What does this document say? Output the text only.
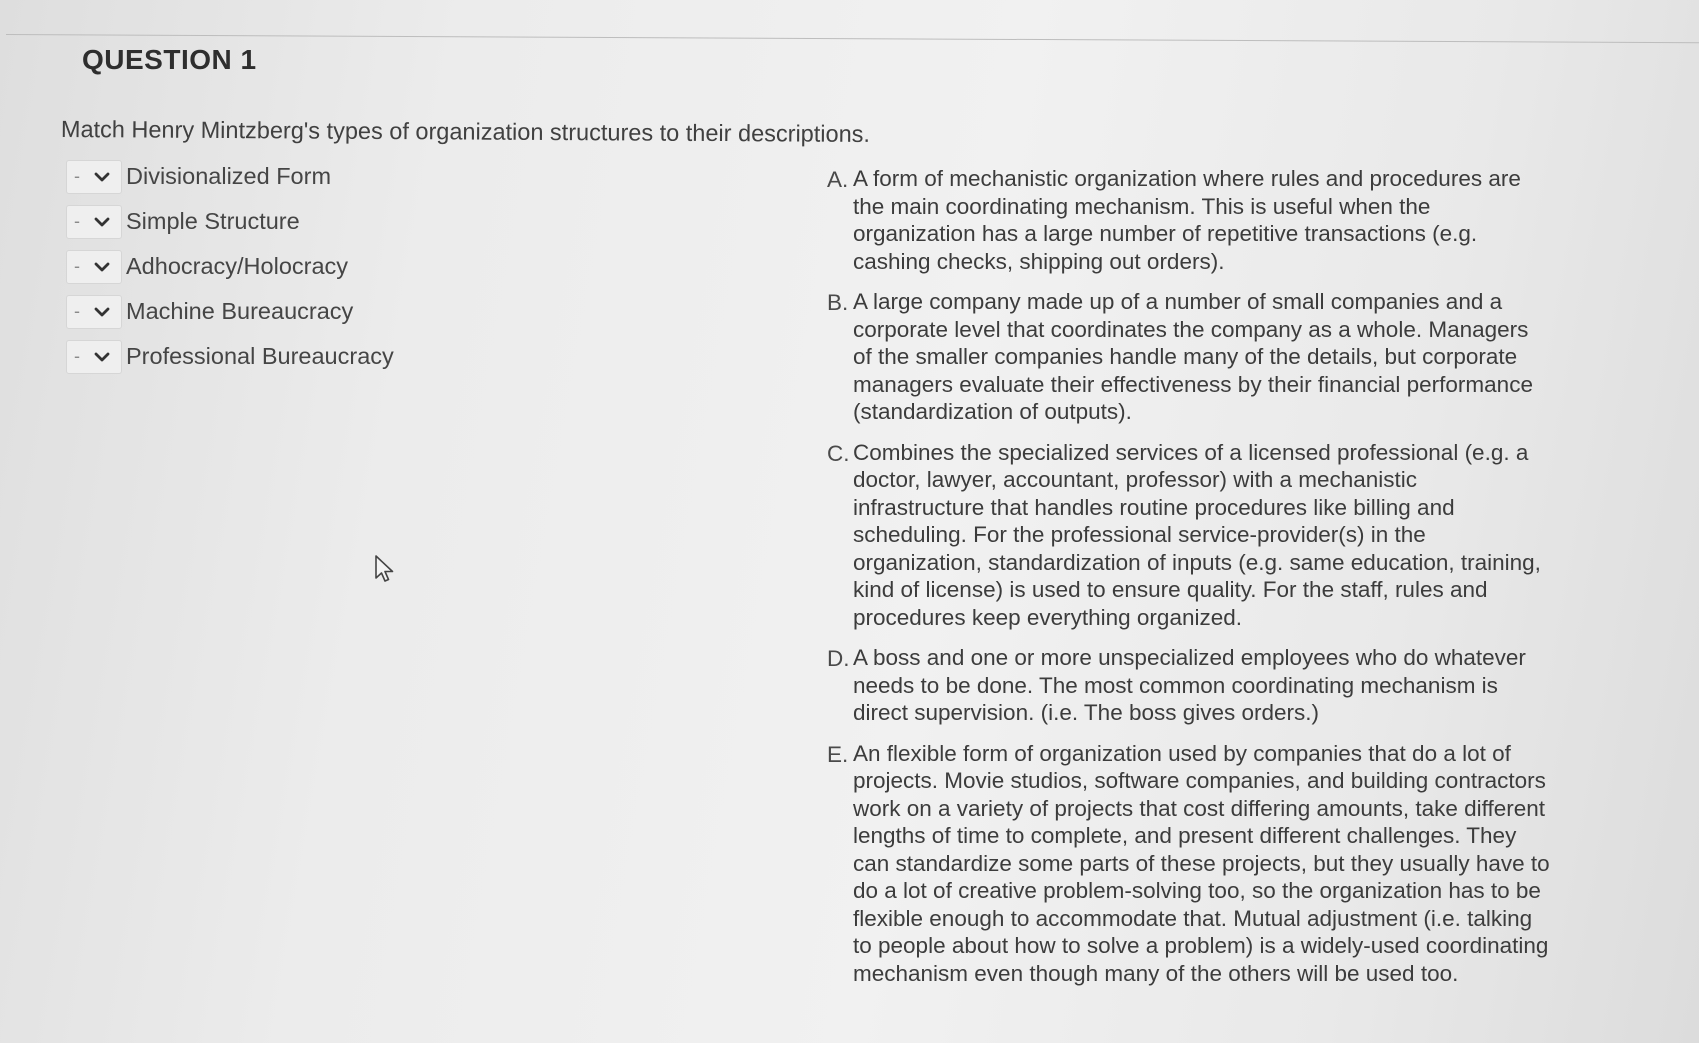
QUESTION 1
Match Henry Mintzberg's types of organization structures to their descriptions.
-	Divisionalized Form
-	Simple Structure
-	Adhocracy/Holocracy
-	Machine Bureaucracy
-	Professional Bureaucracy
A. A form of mechanistic organization where rules and procedures are the main coordinating mechanism. This is useful when the organization has a large number of repetitive transactions (e.g. cashing checks, shipping out orders).
B. A large company made up of a number of small companies and a corporate level that coordinates the company as a whole. Managers of the smaller companies handle many of the details, but corporate managers evaluate their effectiveness by their financial performance (standardization of outputs).
C. Combines the specialized services of a licensed professional (e.g. a doctor, lawyer, accountant, professor) with a mechanistic infrastructure that handles routine procedures like billing and scheduling. For the professional service-provider(s) in the organization, standardization of inputs (e.g. same education, training, kind of license) is used to ensure quality. For the staff, rules and procedures keep everything organized.
D. A boss and one or more unspecialized employees who do whatever needs to be done. The most common coordinating mechanism is direct supervision. (i.e. The boss gives orders.)
E. An flexible form of organization used by companies that do a lot of projects. Movie studios, software companies, and building contractors work on a variety of projects that cost differing amounts, take different lengths of time to complete, and present different challenges. They can standardize some parts of these projects, but they usually have to do a lot of creative problem-solving too, so the organization has to be flexible enough to accommodate that. Mutual adjustment (i.e. talking to people about how to solve a problem) is a widely-used coordinating mechanism even though many of the others will be used too.
